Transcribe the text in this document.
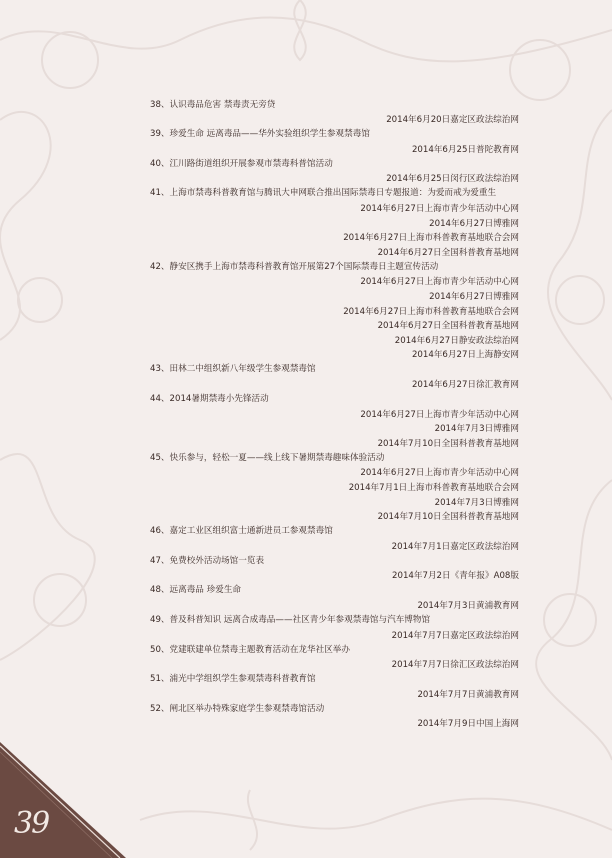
38、认识毒品危害 禁毒责无旁贷
2014年6月20日嘉定区政法综治网
39、珍爱生命 远离毒品——华外实验组织学生参观禁毒馆
2014年6月25日普陀教育网
40、江川路街道组织开展参观市禁毒科普馆活动
2014年6月25日闵行区政法综治网
41、上海市禁毒科普教育馆与腾讯大申网联合推出国际禁毒日专题报道：为爱而戒为爱重生
2014年6月27日上海市青少年活动中心网
2014年6月27日博雅网
2014年6月27日上海市科普教育基地联合会网
2014年6月27日全国科普教育基地网
42、静安区携手上海市禁毒科普教育馆开展第27个国际禁毒日主题宣传活动
2014年6月27日上海市青少年活动中心网
2014年6月27日博雅网
2014年6月27日上海市科普教育基地联合会网
2014年6月27日全国科普教育基地网
2014年6月27日静安政法综治网
2014年6月27日上海静安网
43、田林二中组织新八年级学生参观禁毒馆
2014年6月27日徐汇教育网
44、2014暑期禁毒小先锋活动
2014年6月27日上海市青少年活动中心网
2014年7月3日博雅网
2014年7月10日全国科普教育基地网
45、快乐参与，轻松一夏——线上线下暑期禁毒趣味体验活动
2014年6月27日上海市青少年活动中心网
2014年7月1日上海市科普教育基地联合会网
2014年7月3日博雅网
2014年7月10日全国科普教育基地网
46、嘉定工业区组织富士通新进员工参观禁毒馆
2014年7月1日嘉定区政法综治网
47、免费校外活动场馆一览表
2014年7月2日《青年报》A08版
48、远离毒品 珍爱生命
2014年7月3日黄浦教育网
49、普及科普知识 远离合成毒品——社区青少年参观禁毒馆与汽车博物馆
2014年7月7日嘉定区政法综治网
50、党建联建单位禁毒主题教育活动在龙华社区举办
2014年7月7日徐汇区政法综治网
51、浦光中学组织学生参观禁毒科普教育馆
2014年7月7日黄浦教育网
52、闸北区举办特殊家庭学生参观禁毒馆活动
2014年7月9日中国上海网
39
